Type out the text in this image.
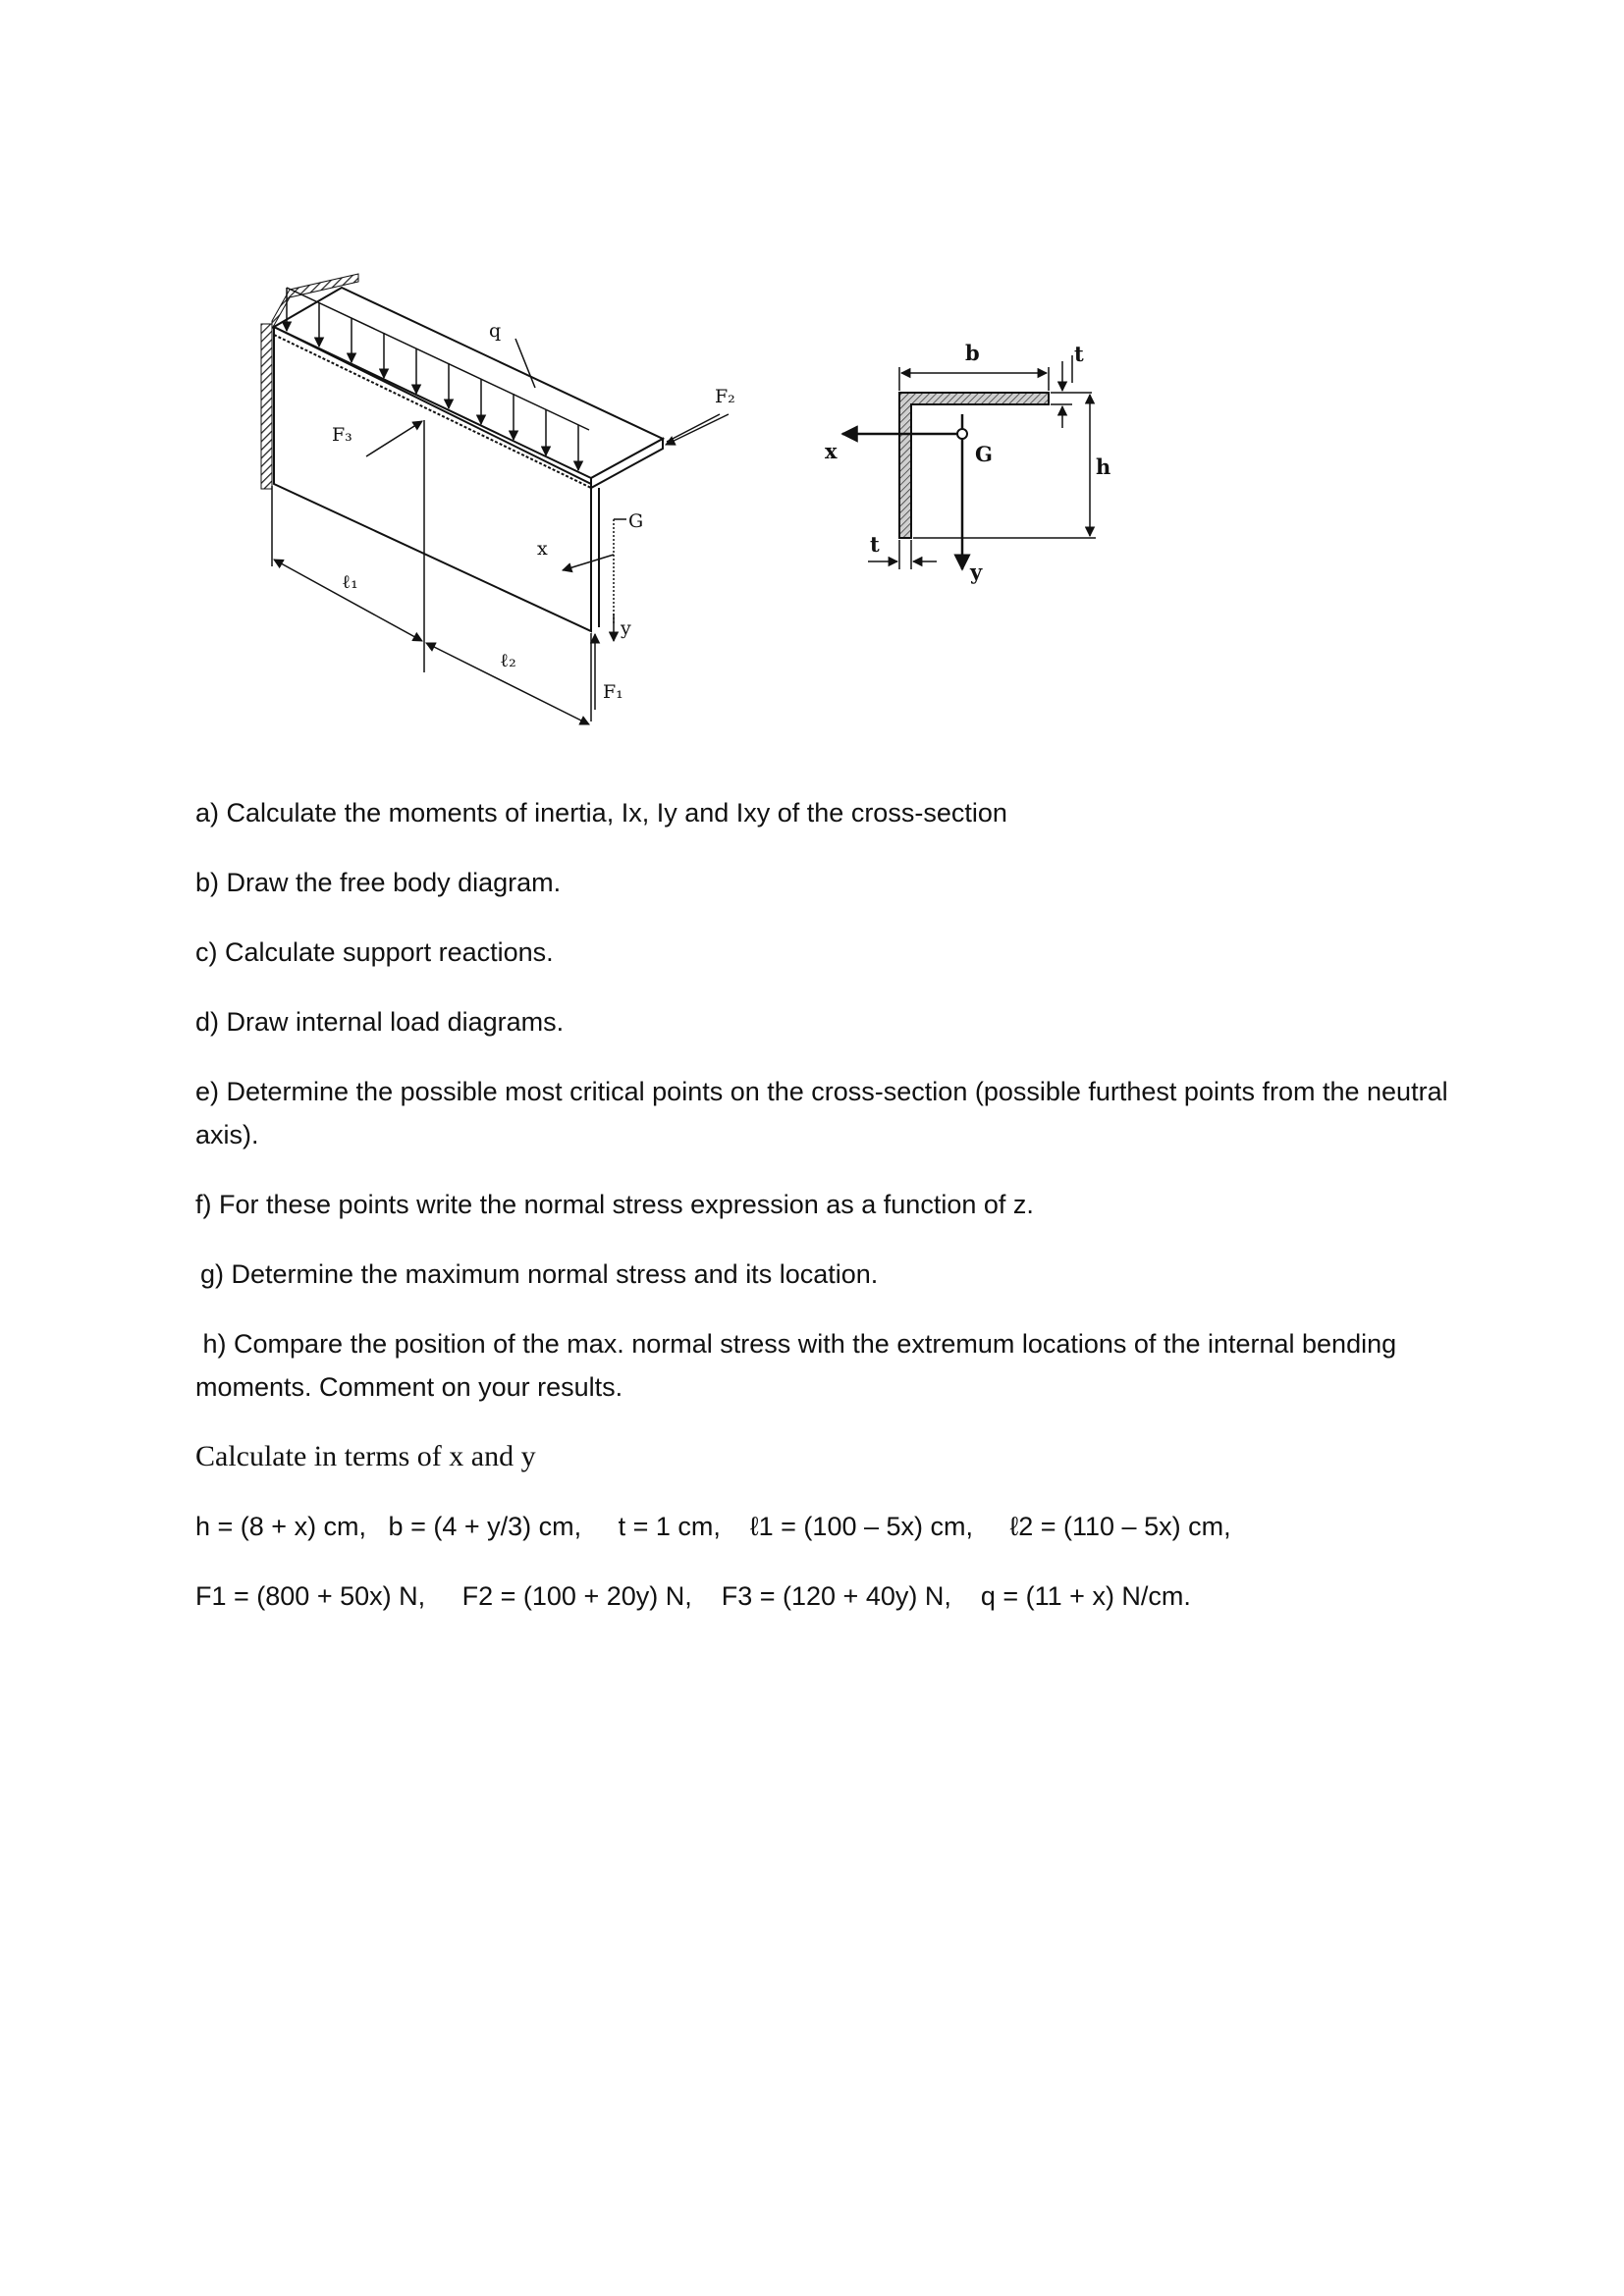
q
F₃
F₂
F₁
G
x
y
ℓ₁
ℓ₂
G
x
y
b	t
h
t

a) Calculate the moments of inertia, Ix, Iy and Ixy of the cross-section

b) Draw the free body diagram.

c) Calculate support reactions.

d) Draw internal load diagrams.

e) Determine the possible most critical points on the cross-section (possible furthest points from the neutral axis).

f) For these points write the normal stress expression as a function of z.

g) Determine the maximum normal stress and its location.

h) Compare the position of the max. normal stress with the extremum locations of the internal bending moments. Comment on your results.

Calculate in terms of x and y

h = (8 + x) cm,   b = (4 + y/3) cm,     t = 1 cm,    ℓ1 = (100 – 5x) cm,     ℓ2 = (110 – 5x) cm,

F1 = (800 + 50x) N,     F2 = (100 + 20y) N,    F3 = (120 + 40y) N,    q = (11 + x) N/cm.
